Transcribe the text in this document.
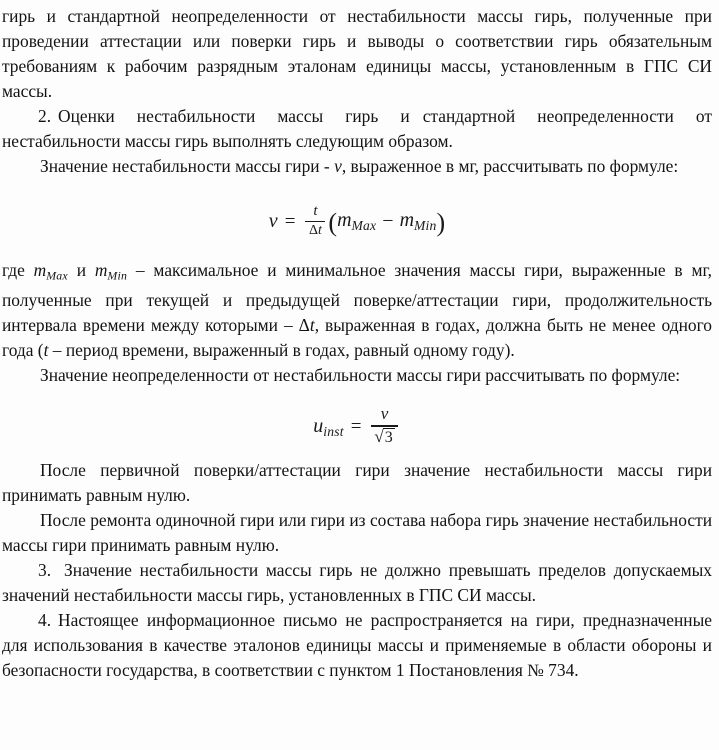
гирь и стандартной неопределенности от нестабильности массы гирь, полученные при проведении аттестации или поверки гирь и выводы о соответствии гирь обязательным требованиям к рабочим разрядным эталонам единицы массы, установленным в ГПС СИ массы.

2. Оценки нестабильности массы гирь и стандартной неопределенности от нестабильности массы гирь выполнять следующим образом.

Значение нестабильности массы гири - ν, выраженное в мг, рассчитывать по формуле:

$\nu = \frac{t}{\Delta t}$ ( $m_{Max} - m_{Min}$ )

где $m_{Max}$ и $m_{Min}$ – максимальное и минимальное значения массы гири, выраженные в мг, полученные при текущей и предыдущей поверке/аттестации гири, продолжительность интервала времени между которыми – Δt, выраженная в годах, должна быть не менее одного года (t – период времени, выраженный в годах, равный одному году).

Значение неопределенности от нестабильности массы гири рассчитывать по формуле:

$u_{inst} = \frac{\nu}{√ 3}$

После первичной поверки/аттестации гири значение нестабильности массы гири принимать равным нулю.

После ремонта одиночной гири или гири из состава набора гирь значение нестабильности массы гири принимать равным нулю.

3. Значение нестабильности массы гирь не должно превышать пределов допускаемых значений нестабильности массы гирь, установленных в ГПС СИ массы.

4. Настоящее информационное письмо не распространяется на гири, предназначенные для использования в качестве эталонов единицы массы и применяемые в области обороны и безопасности государства, в соответствии с пунктом 1 Постановления № 734.
